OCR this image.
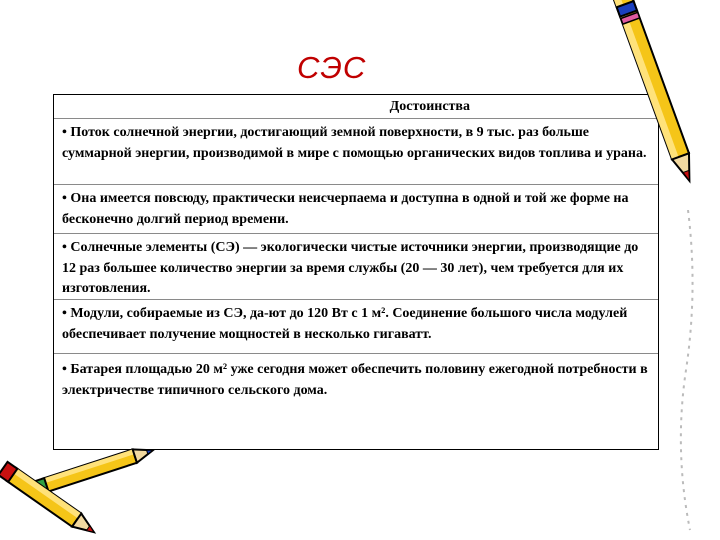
СЭС
Достоинства
• Поток солнечной энергии, достигающий земной поверхности, в 9 тыс. раз больше суммарной энергии, производимой в мире с помощью органических видов топлива и урана.
• Она имеется повсюду, практически неисчерпаема и доступна в одной и той же форме на бесконечно долгий период времени.
• Солнечные элементы (СЭ) — экологически чистые источники энергии, производящие до 12 раз большее количество энергии за время службы (20 — 30 лет), чем требуется для их изготовления.
• Модули, собираемые из СЭ, да-ют до 120 Вт с 1 м². Соединение большого числа модулей обеспечивает получение мощностей в несколько гигаватт.
• Батарея площадью 20 м² уже сегодня может обеспечить половину ежегодной потребности в электричестве типичного сельского дома.
